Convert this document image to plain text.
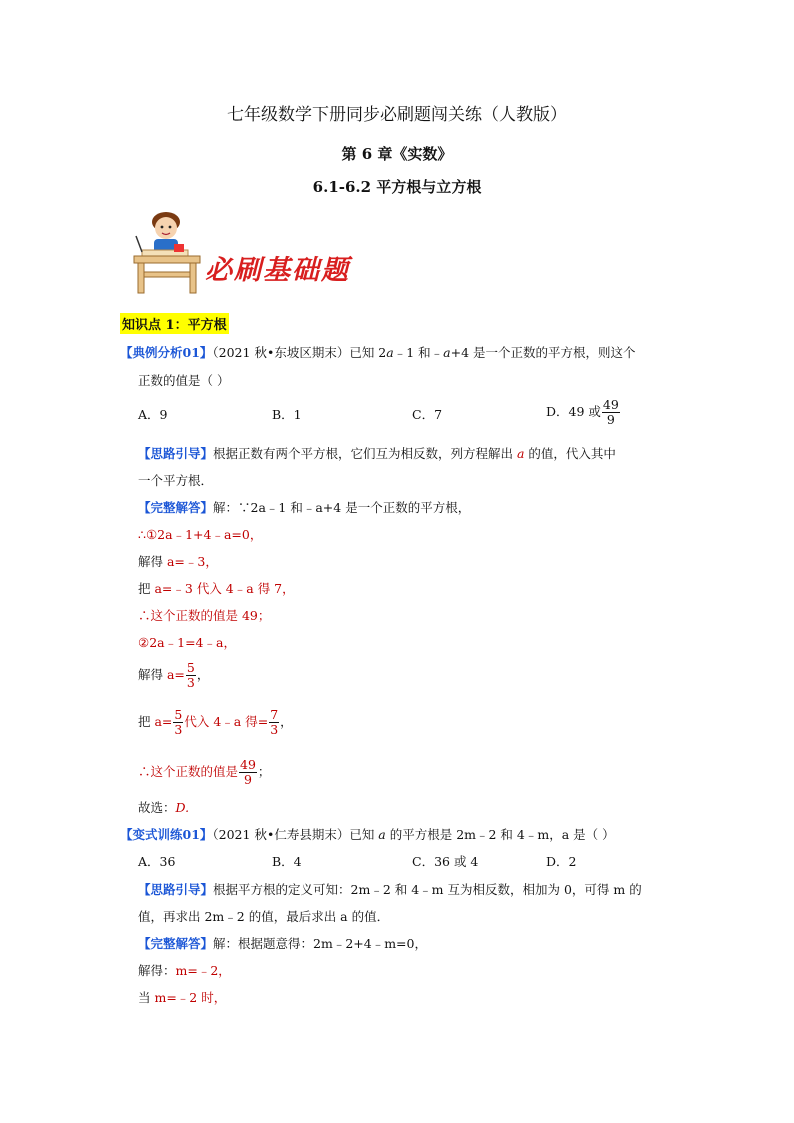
七年级数学下册同步必刷题闯关练（人教版）
第 6 章《实数》
6.1-6.2 平方根与立方根
必刷基础题
知识点 1：平方根
【典例分析01】（2021 秋•东坡区期末）已知 2a﹣1 和﹣a+4 是一个正数的平方根，则这个
正数的值是（ ）
A．9	B．1	C．7	D．49 或 $\frac{49}{9}$
【思路引导】根据正数有两个平方根，它们互为相反数，列方程解出 a 的值，代入其中
一个平方根．
【完整解答】解：∵2a﹣1 和﹣a+4 是一个正数的平方根，
∴①2a﹣1+4﹣a=0，
解得 a=﹣3，
把 a=﹣3 代入 4﹣a 得 7，
∴这个正数的值是 49；
②2a﹣1=4﹣a，
解得 $a= \frac{5}{3}$ ，
把 $a= \frac{5}{3}$ 代入 4﹣a 得= $\frac{7}{3}$ ，
∴这个正数的值是 $\frac{49}{9}$ ；
故选：D.
【变式训练01】（2021 秋•仁寿县期末）已知 a 的平方根是 2m﹣2 和 4﹣m，a 是（ ）
A．36	B．4	C．36 或 4	D．2
【思路引导】根据平方根的定义可知：2m﹣2 和 4﹣m 互为相反数，相加为 0，可得 m 的
值，再求出 2m﹣2 的值，最后求出 a 的值．
【完整解答】解：根据题意得：2m﹣2+4﹣m=0，
解得：m=﹣2，
当 m=﹣2 时，
